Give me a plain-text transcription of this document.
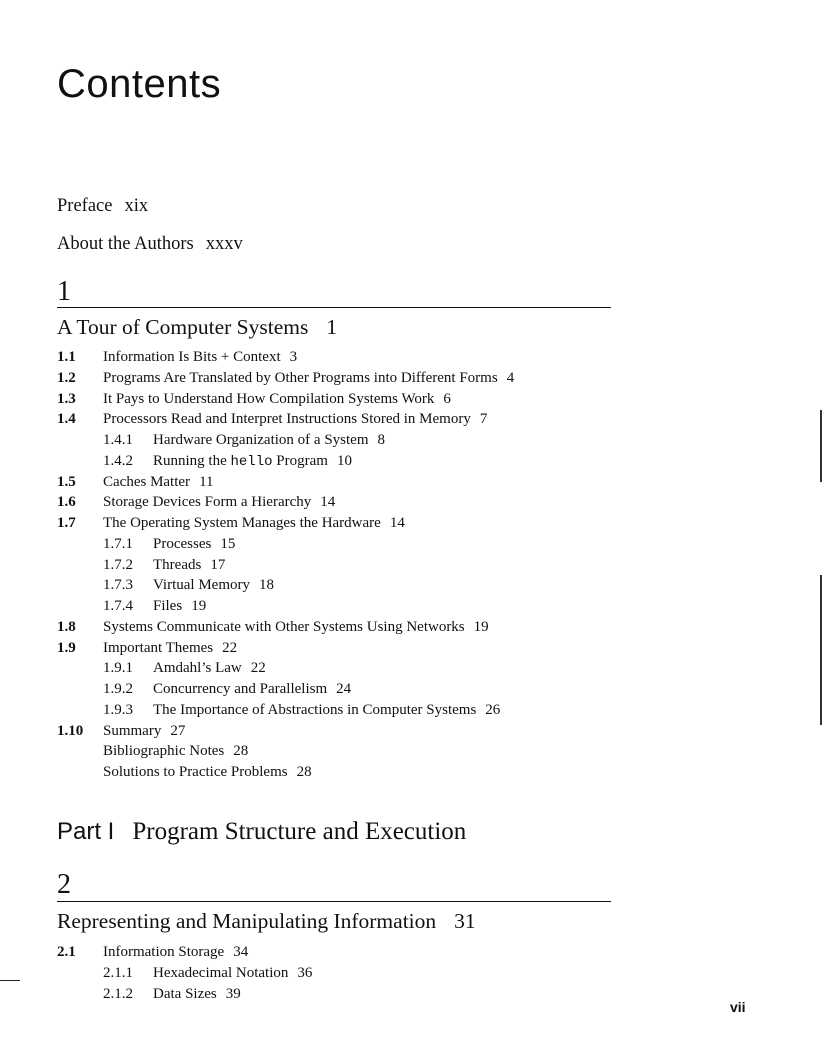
Contents
Preface xix
About the Authors xxxv
1
A Tour of Computer Systems 1
1.1 Information Is Bits + Context 3
1.2 Programs Are Translated by Other Programs into Different Forms 4
1.3 It Pays to Understand How Compilation Systems Work 6
1.4 Processors Read and Interpret Instructions Stored in Memory 7
1.4.1 Hardware Organization of a System 8
1.4.2 Running the hello Program 10
1.5 Caches Matter 11
1.6 Storage Devices Form a Hierarchy 14
1.7 The Operating System Manages the Hardware 14
1.7.1 Processes 15
1.7.2 Threads 17
1.7.3 Virtual Memory 18
1.7.4 Files 19
1.8 Systems Communicate with Other Systems Using Networks 19
1.9 Important Themes 22
1.9.1 Amdahl’s Law 22
1.9.2 Concurrency and Parallelism 24
1.9.3 The Importance of Abstractions in Computer Systems 26
1.10 Summary 27
Bibliographic Notes 28
Solutions to Practice Problems 28
Part I Program Structure and Execution
2
Representing and Manipulating Information 31
2.1 Information Storage 34
2.1.1 Hexadecimal Notation 36
2.1.2 Data Sizes 39
vii
